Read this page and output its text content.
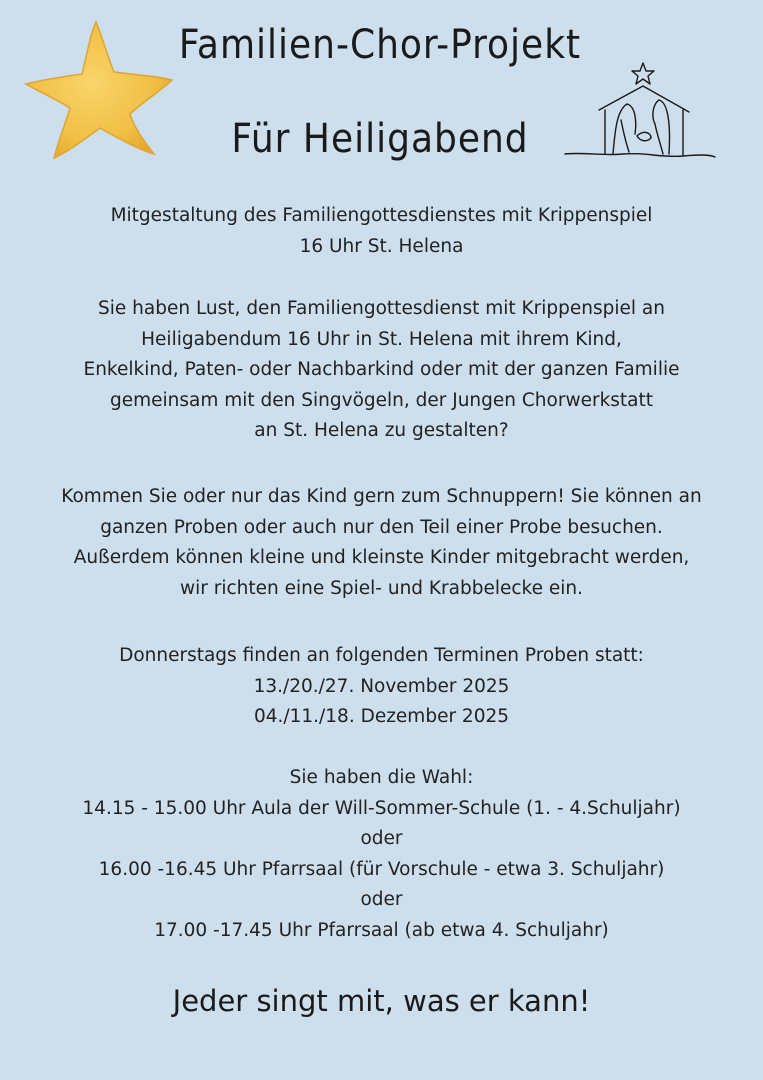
Familien-Chor-Projekt
Für Heiligabend

Mitgestaltung des Familiengottesdienstes mit Krippenspiel

16 Uhr St. Helena

Sie haben Lust, den Familiengottesdienst mit Krippenspiel an

Heiligabendum 16 Uhr in St. Helena mit ihrem Kind,

Enkelkind, Paten- oder Nachbarkind oder mit der ganzen Familie

gemeinsam mit den Singvögeln, der Jungen Chorwerkstatt

an St. Helena zu gestalten?

Kommen Sie oder nur das Kind gern zum Schnuppern! Sie können an

ganzen Proben oder auch nur den Teil einer Probe besuchen.

Außerdem können kleine und kleinste Kinder mitgebracht werden,

wir richten eine Spiel- und Krabbelecke ein.

Donnerstags finden an folgenden Terminen Proben statt:

13./20./27. November 2025

04./11./18. Dezember 2025

Sie haben die Wahl:

14.15 - 15.00 Uhr Aula der Will-Sommer-Schule (1. - 4.Schuljahr)

oder

16.00 -16.45 Uhr Pfarrsaal (für Vorschule - etwa 3. Schuljahr)

oder

17.00 -17.45 Uhr Pfarrsaal (ab etwa 4. Schuljahr)

Jeder singt mit, was er kann!
